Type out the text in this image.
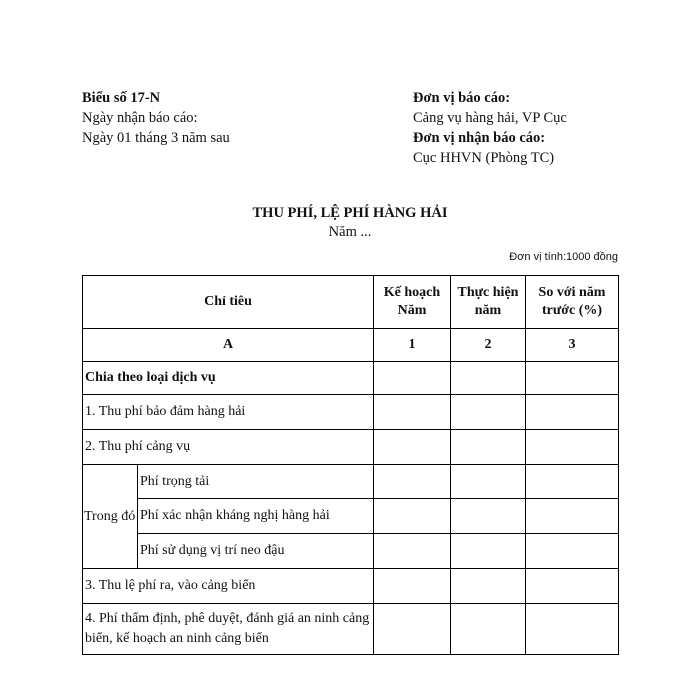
Biểu số 17-N
Ngày nhận báo cáo:
Ngày 01 tháng 3 năm sau
Đơn vị báo cáo:
Cảng vụ hàng hải, VP Cục
Đơn vị nhận báo cáo:
Cục HHVN (Phòng TC)
THU PHÍ, LỆ PHÍ HÀNG HẢI
Năm ...
Đơn vị tính:1000 đồng
Chỉ tiêu		Kế hoạch Năm	Thực hiện năm	So với năm trước (%)
A		1	2	3
Chia theo loại dịch vụ				
1. Thu phí bảo đảm hàng hải				
2. Thu phí cảng vụ				
Trong đó	Phí trọng tải			
	Phí xác nhận kháng nghị hàng hải			
	Phí sử dụng vị trí neo đậu			
3. Thu lệ phí ra, vào cảng biển				
4. Phí thẩm định, phê duyệt, đánh giá an ninh cảng biển, kế hoạch an ninh cảng biển				
